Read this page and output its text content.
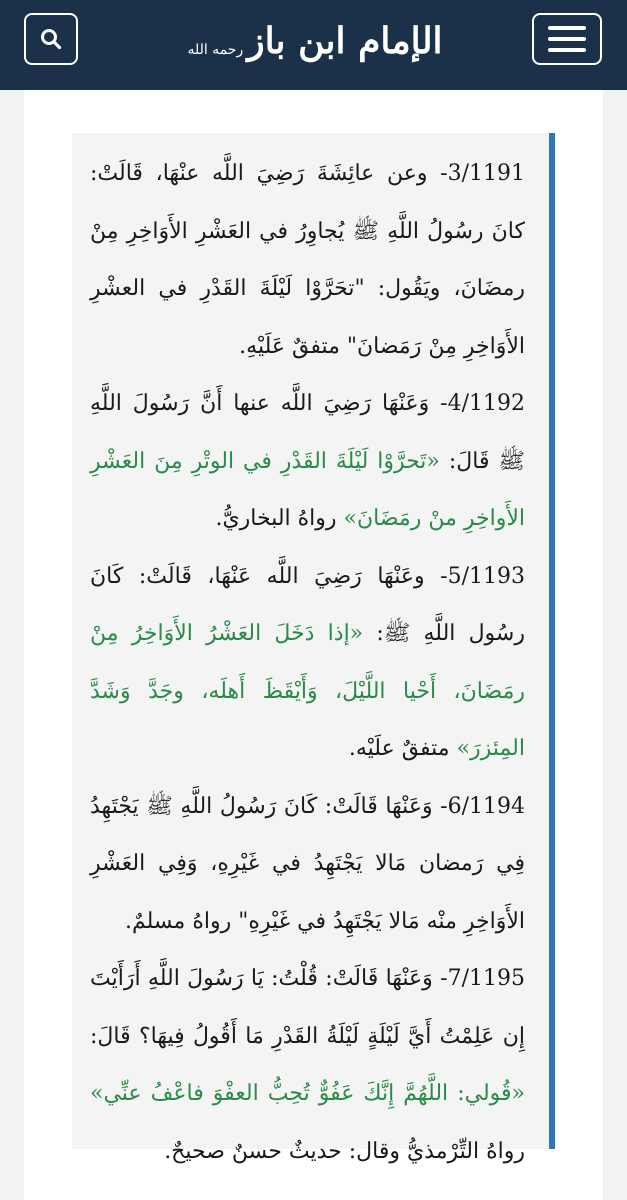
الإمام ابن باز
رحمه الله

3/1191- وعن عائِشَةَ رَضِيَ اللَّه عنْهَا، قَالَتْ: كانَ رسُولُ اللَّهِ ﷺ يُجاوِرُ في العَشْرِ الأَوَاخِرِ مِنْ رمضَانَ، ويَقُول: "تحَرَّوْا لَيْلَةَ القَدْرِ في العشْرِ الأَوَاخِرِ مِنْ رَمَضانَ" متفقٌ عَلَيْهِ.

4/1192- وَعَنْهَا رَضِيَ اللَّه عنها أَنَّ رَسُولَ اللَّهِ ﷺ قَالَ: «تَحرَّوْا لَيْلَةَ القَدْرِ في الوتْرِ مِنَ العَشْرِ الأَواخِرِ منْ رمَضَانَ» رواهُ البخاريُّ.

5/1193- وعَنْهَا رَضِيَ اللَّه عَنْهَا، قَالَتْ: كَانَ رسُول اللَّهِ ﷺ: «إذا دَخَلَ العَشْرُ الأَوَاخِرُ مِنْ رمَضَانَ، أَحْيا اللَّيْلَ، وَأَيْقَظَ أَهلَه، وجَدَّ وَشَدَّ المِئزرَ» متفقٌ علَيْه.

6/1194- وَعَنْهَا قَالَتْ: كَانَ رَسُولُ اللَّهِ ﷺ يَجْتَهِدُ فِي رَمضان مَالا يَجْتَهِدُ في غَيْرِهِ، وَفِي العَشْرِ الأَوَاخِرِ منْه مَالا يَجْتَهِدُ في غَيْرِهِ" رواهُ مسلمٌ.

7/1195- وَعَنْهَا قَالَتْ: قُلْتُ: يَا رَسُولَ اللَّهِ أَرَأَيْتَ إِن عَلِمْتُ أَيَّ لَيْلَةٍ لَيْلَةُ القَدْرِ مَا أَقُولُ فِيهَا؟ قَالَ: «قُولي: اللَّهُمَّ إِنَّكَ عَفُوٌّ تُحِبُّ العفْوَ فاعْفُ عنِّي» رواهُ التِّرْمذيُّ وقال: حديثٌ حسنٌ صحيحٌ.
